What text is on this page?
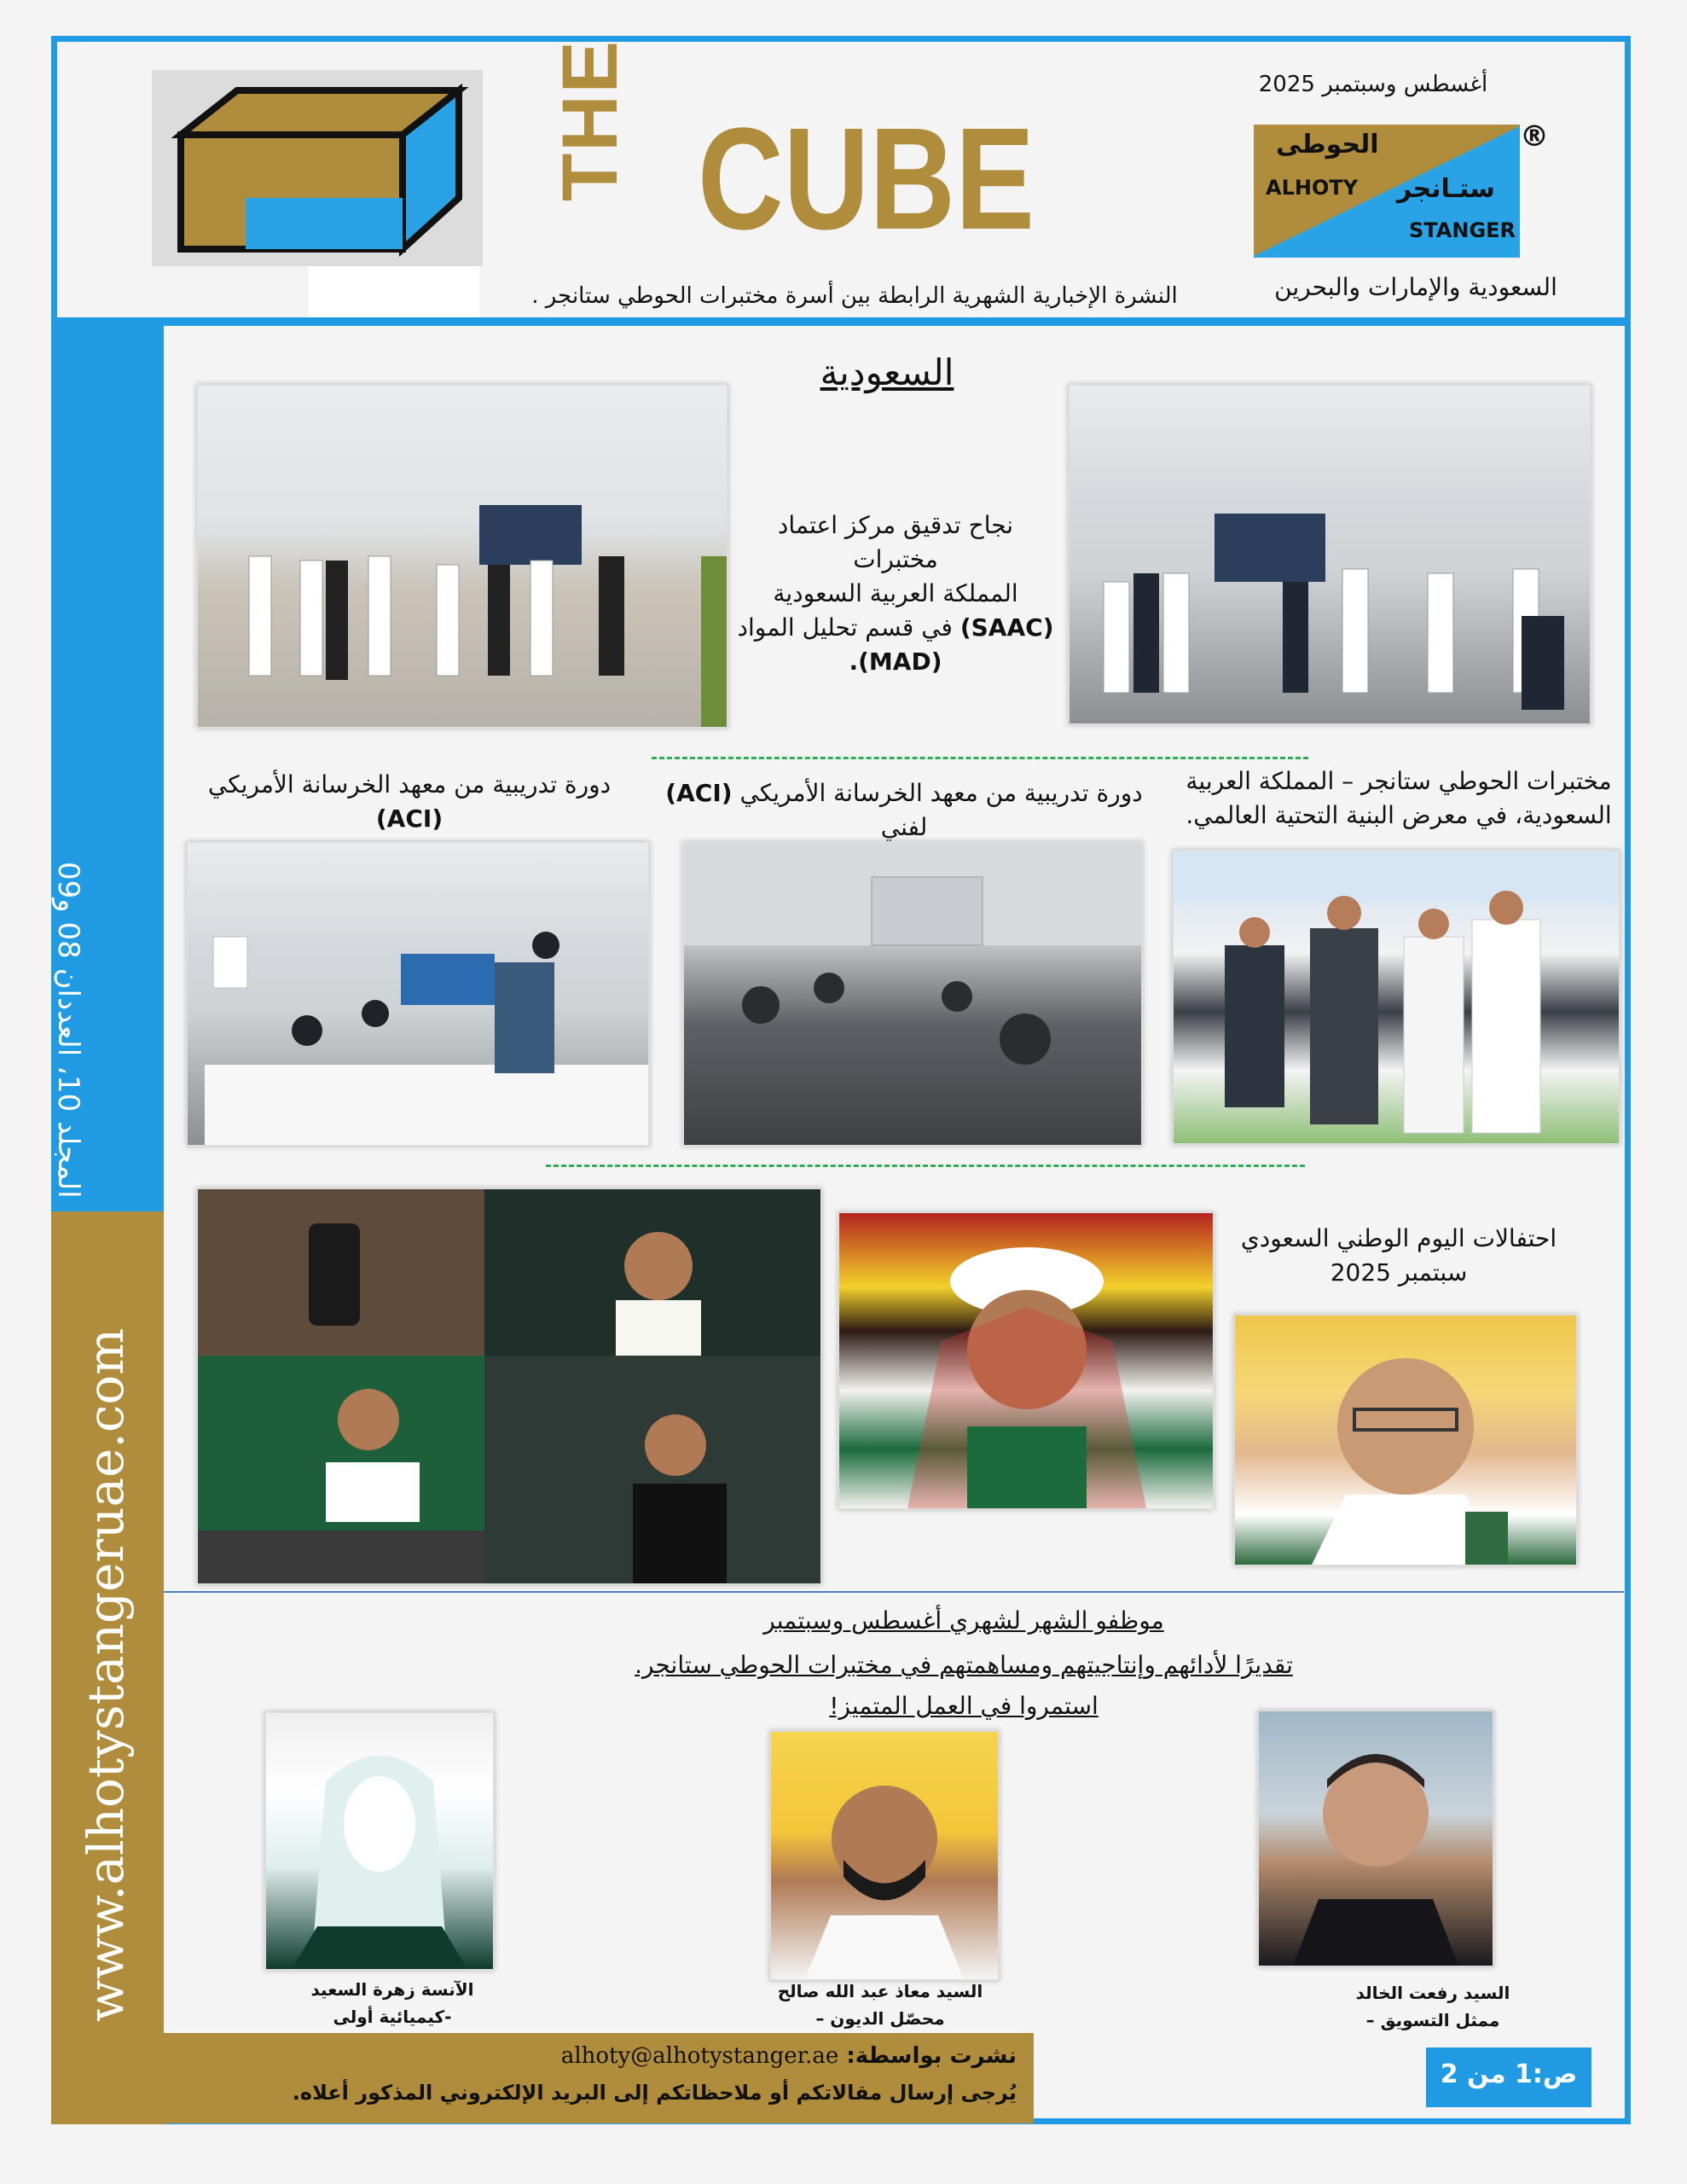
THE CUBE
النشرة الإخبارية الشهرية الرابطة بين أسرة مختبرات الحوطي ستانجر .
أغسطس وسبتمبر 2025
الحوطى
ALHOTY ستـانجر
STANGER
®
السعودية والإمارات والبحرين
المجلد 10، العددان 08 و09
www.alhotystangeruae.com
السعودية
نجاح تدقيق مركز اعتماد مختبرات
المملكة العربية السعودية
(SAAC) في قسم تحليل المواد
(MAD).
مختبرات الحوطي ستانجر – المملكة العربية
السعودية، في معرض البنية التحتية العالمي.
دورة تدريبية من معهد الخرسانة الأمريكي (ACI) لفني
دورة تدريبية من معهد الخرسانة الأمريكي (ACI)
احتفالات اليوم الوطني السعودي
سبتمبر 2025
موظفو الشهر لشهري أغسطس وسبتمبر
تقديرًا لأدائهم وإنتاجيتهم ومساهمتهم في مختبرات الحوطي ستانجر.
استمروا في العمل المتميز!
السيد رفعت الخالد
ممثل التسويق –
السيد معاذ عبد الله صالح
محصّل الديون –
الآنسة زهرة السعيد
-كيميائية أولى
نشرت بواسطة: alhoty@alhotystanger.ae
يُرجى إرسال مقالاتكم أو ملاحظاتكم إلى البريد الإلكتروني المذكور أعلاه.
ص:1 من 2
